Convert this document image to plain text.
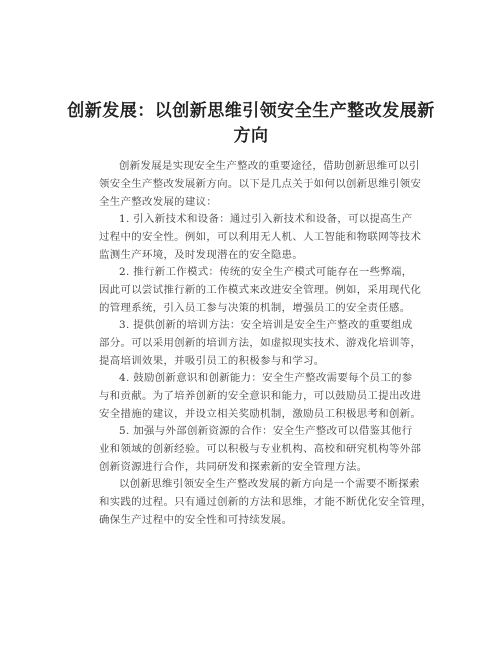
创新发展：以创新思维引领安全生产整改发展新
方向
创新发展是实现安全生产整改的重要途径，借助创新思维可以引
领安全生产整改发展新方向。以下是几点关于如何以创新思维引领安
全生产整改发展的建议：
1. 引入新技术和设备：通过引入新技术和设备，可以提高生产
过程中的安全性。例如，可以利用无人机、人工智能和物联网等技术
监测生产环境，及时发现潜在的安全隐患。
2. 推行新工作模式：传统的安全生产模式可能存在一些弊端，
因此可以尝试推行新的工作模式来改进安全管理。例如，采用现代化
的管理系统，引入员工参与决策的机制，增强员工的安全责任感。
3. 提供创新的培训方法：安全培训是安全生产整改的重要组成
部分。可以采用创新的培训方法，如虚拟现实技术、游戏化培训等，
提高培训效果，并吸引员工的积极参与和学习。
4. 鼓励创新意识和创新能力：安全生产整改需要每个员工的参
与和贡献。为了培养创新的安全意识和能力，可以鼓励员工提出改进
安全措施的建议，并设立相关奖励机制，激励员工积极思考和创新。
5. 加强与外部创新资源的合作：安全生产整改可以借鉴其他行
业和领域的创新经验。可以积极与专业机构、高校和研究机构等外部
创新资源进行合作，共同研发和探索新的安全管理方法。
以创新思维引领安全生产整改发展的新方向是一个需要不断探索
和实践的过程。只有通过创新的方法和思维，才能不断优化安全管理，
确保生产过程中的安全性和可持续发展。
